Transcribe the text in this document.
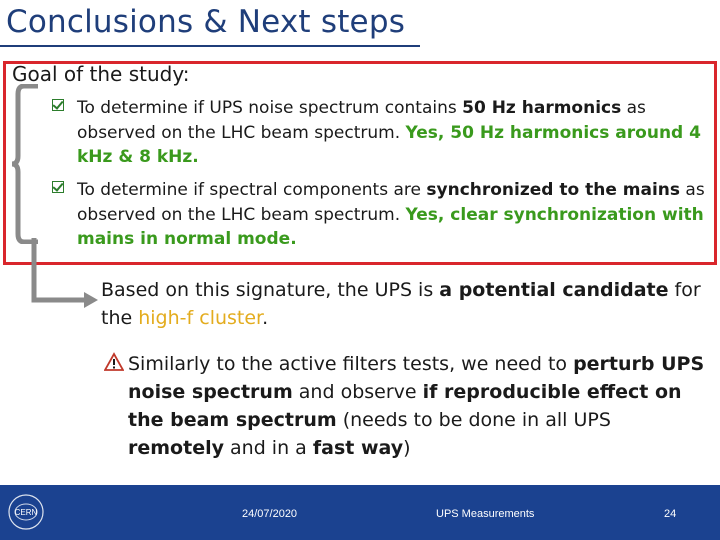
Conclusions & Next steps
Goal of the study:
To determine if UPS noise spectrum contains 50 Hz harmonics as observed on the LHC beam spectrum. Yes, 50 Hz harmonics around 4 kHz & 8 kHz.
To determine if spectral components are synchronized to the mains as observed on the LHC beam spectrum. Yes, clear synchronization with mains in normal mode.
Based on this signature, the UPS is a potential candidate for the high-f cluster.
Similarly to the active filters tests, we need to perturb UPS noise spectrum and observe if reproducible effect on the beam spectrum (needs to be done in all UPS remotely and in a fast way)
CERN	24/07/2020	UPS Measurements	24
